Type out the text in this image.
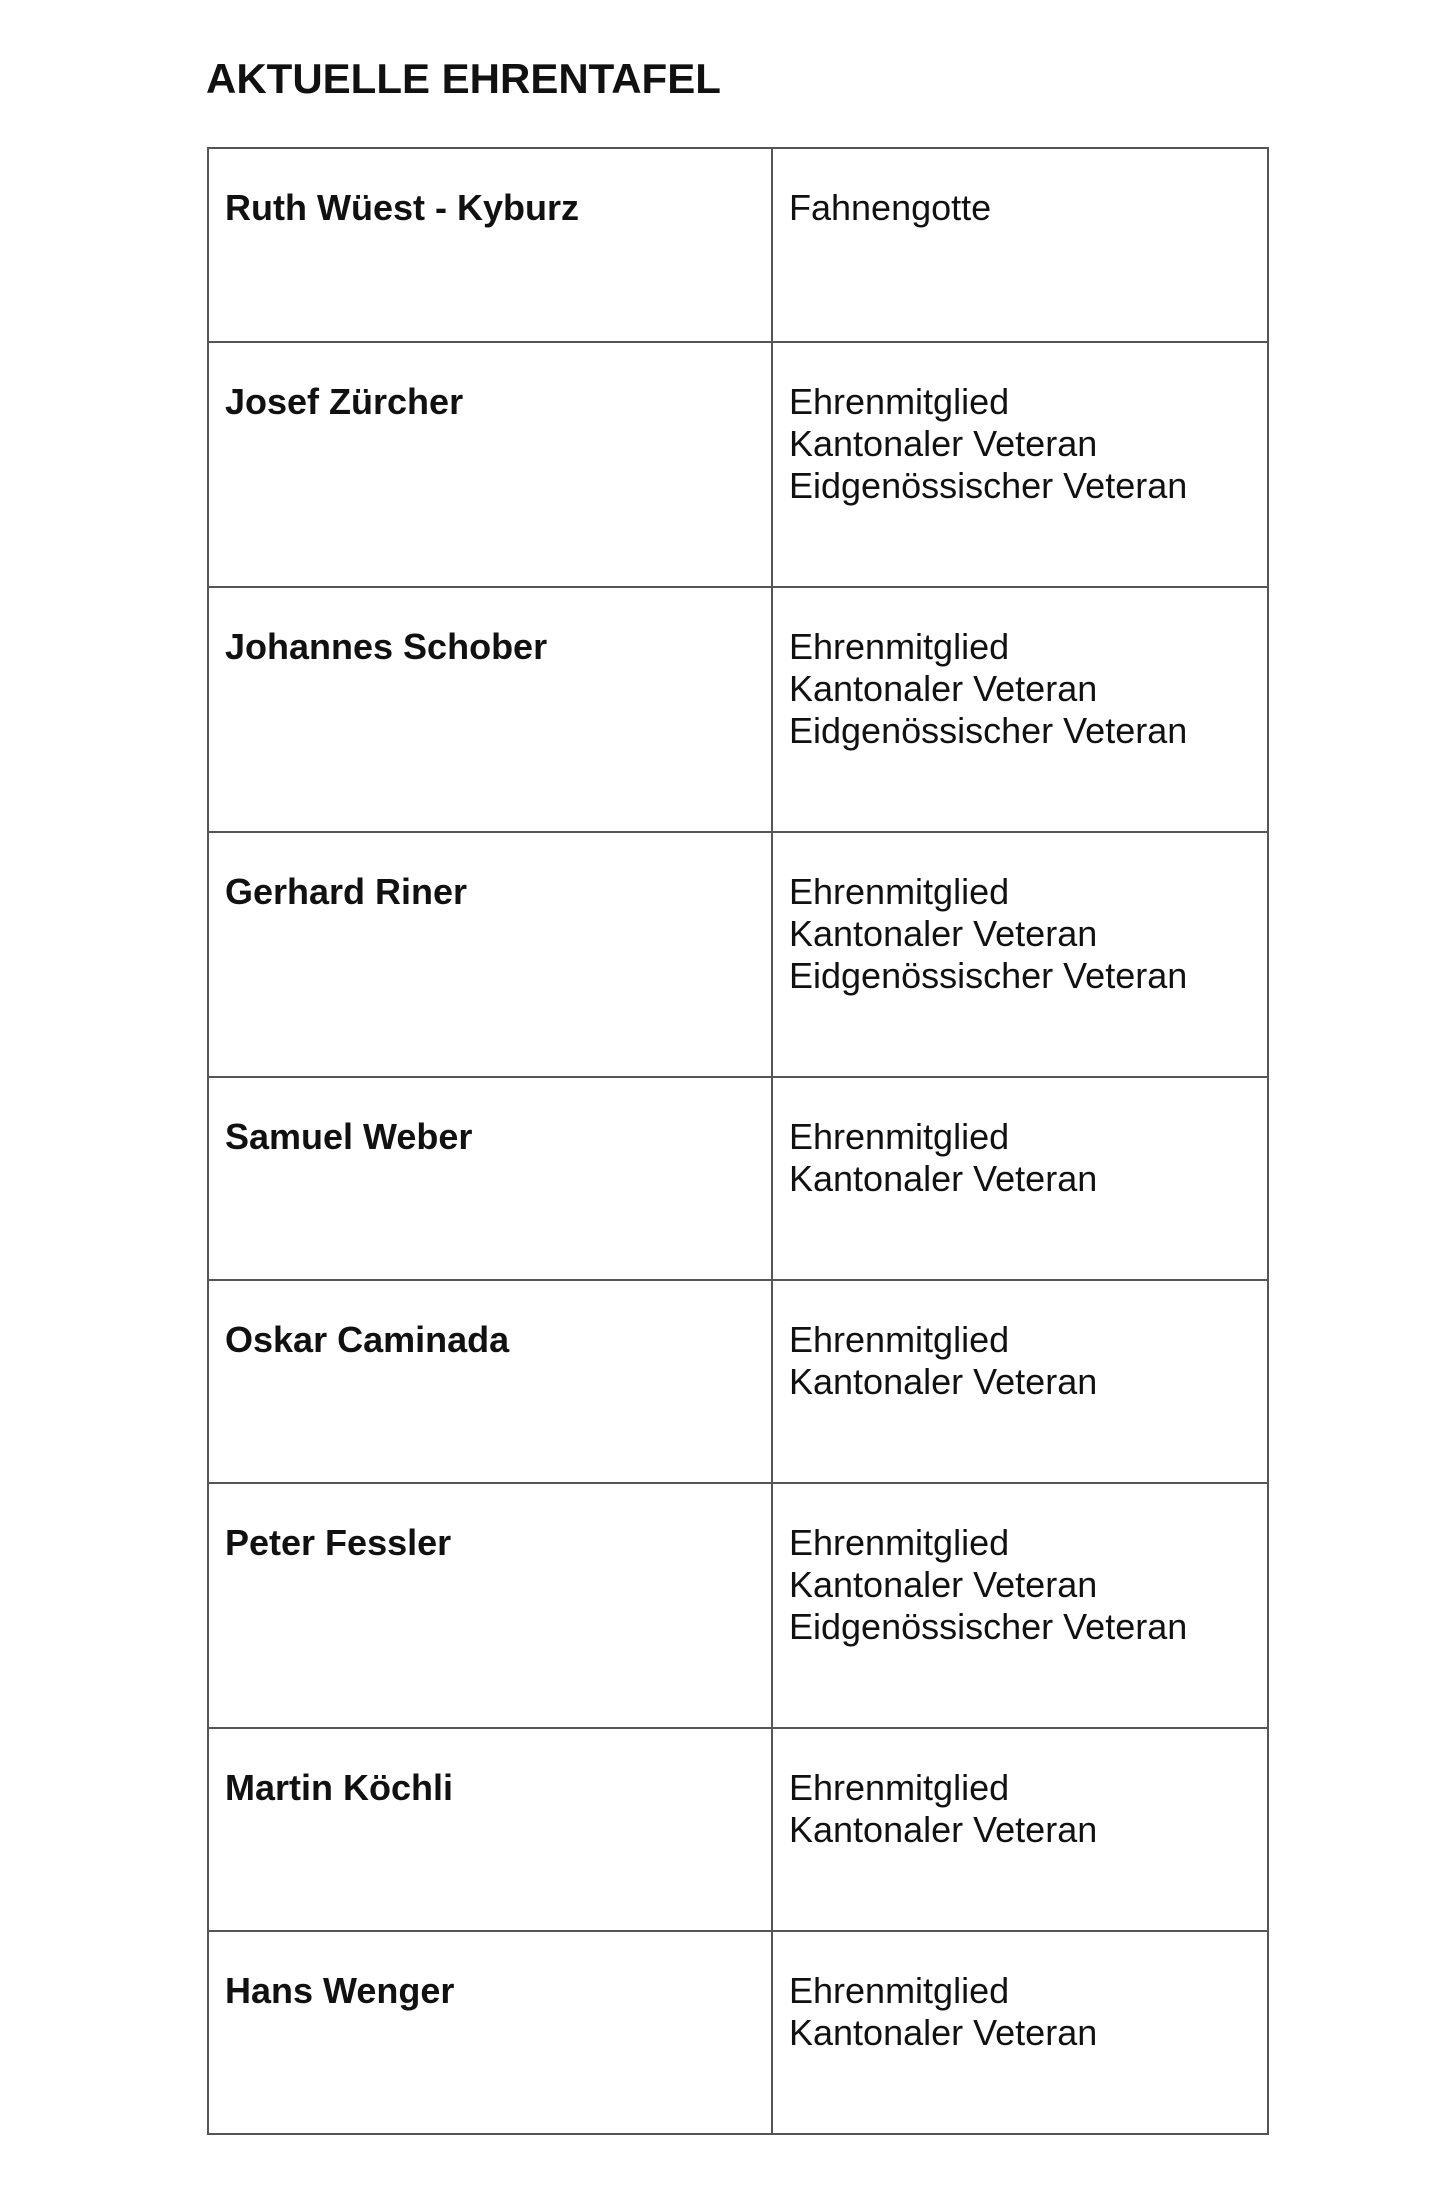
AKTUELLE EHRENTAFEL
Ruth Wüest - Kyburz	Fahnengotte

Josef Zürcher	Ehrenmitglied
Kantonaler Veteran
Eidgenössischer Veteran

Johannes Schober	Ehrenmitglied
Kantonaler Veteran
Eidgenössischer Veteran

Gerhard Riner	Ehrenmitglied
Kantonaler Veteran
Eidgenössischer Veteran

Samuel Weber	Ehrenmitglied
Kantonaler Veteran

Oskar Caminada	Ehrenmitglied
Kantonaler Veteran

Peter Fessler	Ehrenmitglied
Kantonaler Veteran
Eidgenössischer Veteran

Martin Köchli	Ehrenmitglied
Kantonaler Veteran

Hans Wenger	Ehrenmitglied
Kantonaler Veteran
